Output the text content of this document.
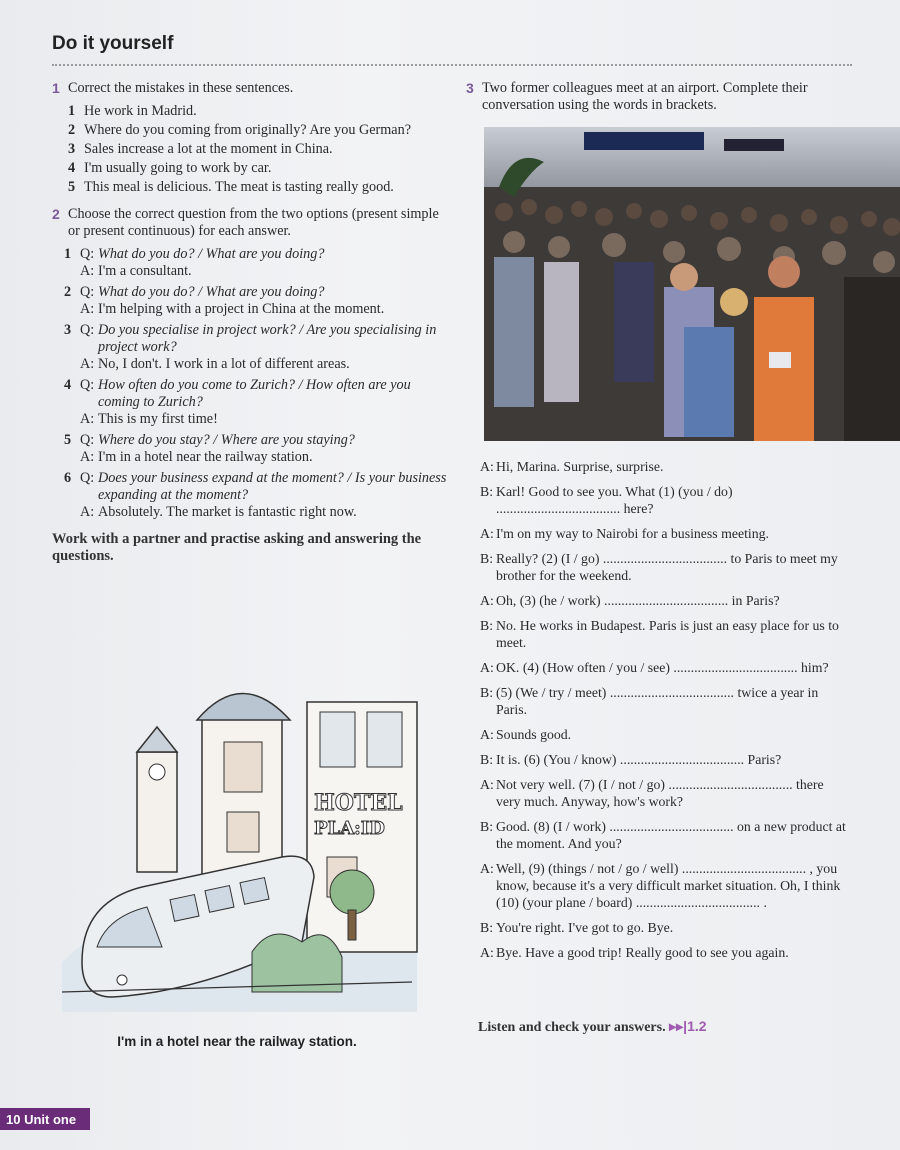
Do it yourself
1 Correct the mistakes in these sentences.
1 He work in Madrid.
2 Where do you coming from originally? Are you German?
3 Sales increase a lot at the moment in China.
4 I'm usually going to work by car.
5 This meal is delicious. The meat is tasting really good.
2 Choose the correct question from the two options (present simple or present continuous) for each answer.
1 Q: What do you do? / What are you doing?
A: I'm a consultant.
2 Q: What do you do? / What are you doing?
A: I'm helping with a project in China at the moment.
3 Q: Do you specialise in project work? / Are you specialising in project work?
A: No, I don't. I work in a lot of different areas.
4 Q: How often do you come to Zurich? / How often are you coming to Zurich?
A: This is my first time!
5 Q: Where do you stay? / Where are you staying?
A: I'm in a hotel near the railway station.
6 Q: Does your business expand at the moment? / Is your business expanding at the moment?
A: Absolutely. The market is fantastic right now.
Work with a partner and practise asking and answering the questions.
HOTEL
PLA:ID
I'm in a hotel near the railway station.
3 Two former colleagues meet at an airport. Complete their conversation using the words in brackets.
A: Hi, Marina. Surprise, surprise.
B: Karl! Good to see you. What (1) (you / do) .................................... here?
A: I'm on my way to Nairobi for a business meeting.
B: Really? (2) (I / go) .................................... to Paris to meet my brother for the weekend.
A: Oh, (3) (he / work) .................................... in Paris?
B: No. He works in Budapest. Paris is just an easy place for us to meet.
A: OK. (4) (How often / you / see) .................................... him?
B: (5) (We / try / meet) .................................... twice a year in Paris.
A: Sounds good.
B: It is. (6) (You / know) .................................... Paris?
A: Not very well. (7) (I / not / go) .................................... there very much. Anyway, how's work?
B: Good. (8) (I / work) .................................... on a new product at the moment. And you?
A: Well, (9) (things / not / go / well) .................................... , you know, because it's a very difficult market situation. Oh, I think (10) (your plane / board) .................................... .
B: You're right. I've got to go. Bye.
A: Bye. Have a good trip! Really good to see you again.
Listen and check your answers. ▸▸|1.2
10 Unit one
